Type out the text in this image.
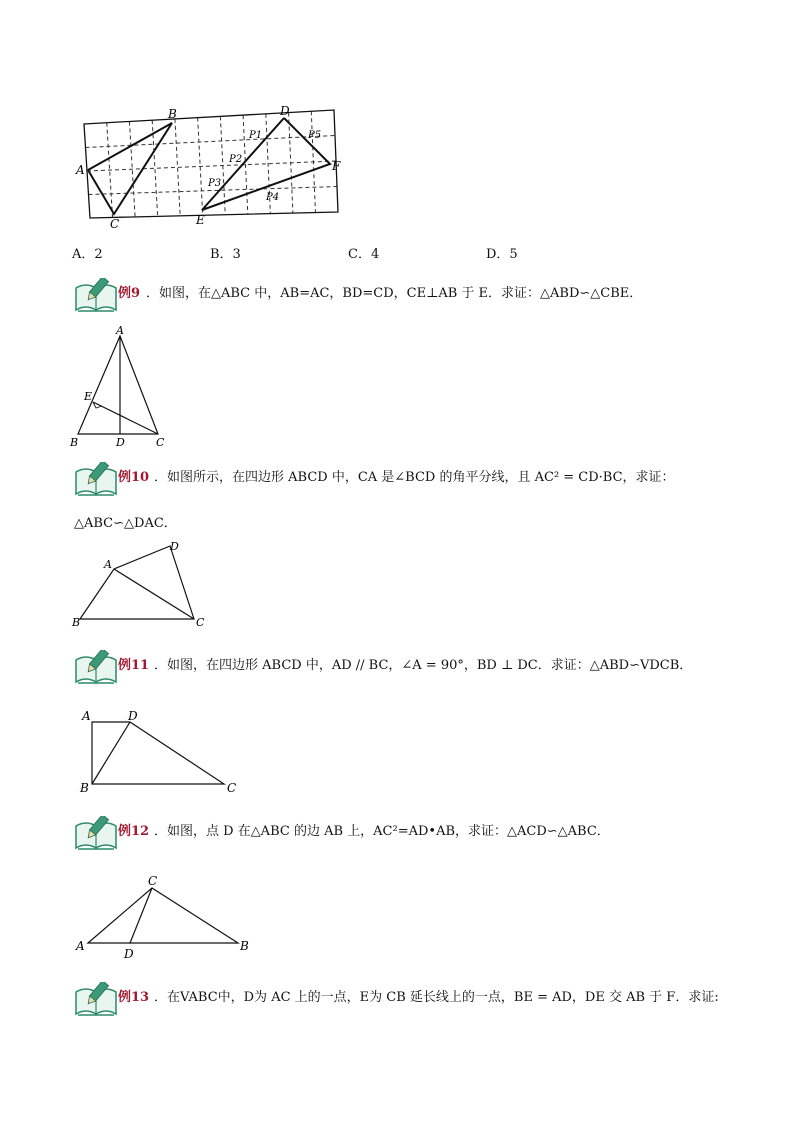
A
B
C
D
E
F
P1
P2
P3
P4
P5
A．2	B．3	C．4	D．5
例9 ．如图，在△ABC 中，AB=AC，BD=CD，CE⊥AB 于 E．求证：△ABD∽△CBE．
A
E
B	D	C
例10 ．如图所示，在四边形 ABCD 中，CA 是∠BCD 的角平分线，且 AC² = CD·BC，求证：
△ABC∽△DAC．
A
B	C
D
例11 ．如图，在四边形 ABCD 中，AD // BC，∠A = 90°，BD ⊥ DC．求证：△ABD∽VDCB．
A	D
B	C
例12 ．如图，点 D 在△ABC 的边 AB 上，AC²=AD•AB，求证：△ACD∽△ABC．
C
A
D
B
例13 ．在VABC中，D为 AC 上的一点，E为 CB 延长线上的一点，BE = AD，DE 交 AB 于 F．求证:
